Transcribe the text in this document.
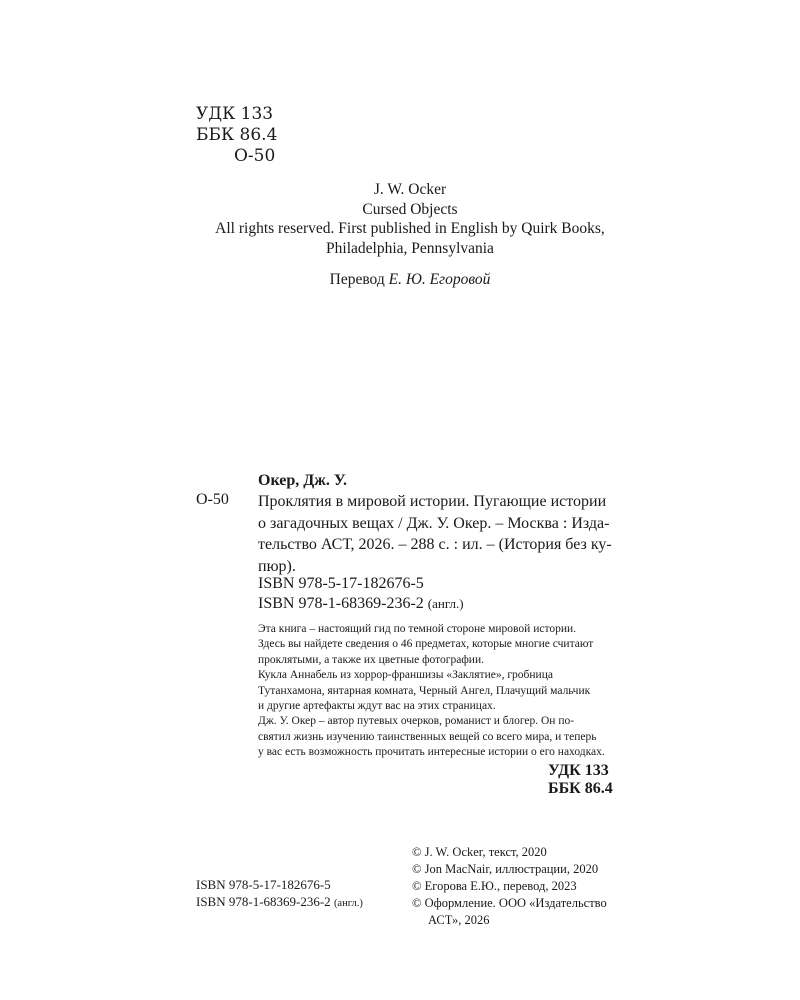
УДК 133
ББК 86.4
О-50
J. W. Ocker
Cursed Objects
All rights reserved. First published in English by Quirk Books,
Philadelphia, Pennsylvania
Перевод Е. Ю. Егоровой
Окер, Дж. У.
О-50 Проклятия в мировой истории. Пугающие истории
о загадочных вещах / Дж. У. Окер. – Москва : Изда-
тельство АСТ, 2026. – 288 с. : ил. – (История без ку-
пюр).
ISBN 978-5-17-182676-5
ISBN 978-1-68369-236-2 (англ.)
Эта книга – настоящий гид по темной стороне мировой истории.
Здесь вы найдете сведения о 46 предметах, которые многие считают
проклятыми, а также их цветные фотографии.
Кукла Аннабель из хоррор-франшизы «Заклятие», гробница
Тутанхамона, янтарная комната, Черный Ангел, Плачущий мальчик
и другие артефакты ждут вас на этих страницах.
Дж. У. Окер – автор путевых очерков, романист и блогер. Он по-
святил жизнь изучению таинственных вещей со всего мира, и теперь
у вас есть возможность прочитать интересные истории о его находках.
УДК 133
ББК 86.4
ISBN 978-5-17-182676-5
ISBN 978-1-68369-236-2 (англ.)
© J. W. Ocker, текст, 2020
© Jon MacNair, иллюстрации, 2020
© Егорова Е.Ю., перевод, 2023
© Оформление. ООО «Издательство АСТ», 2026
